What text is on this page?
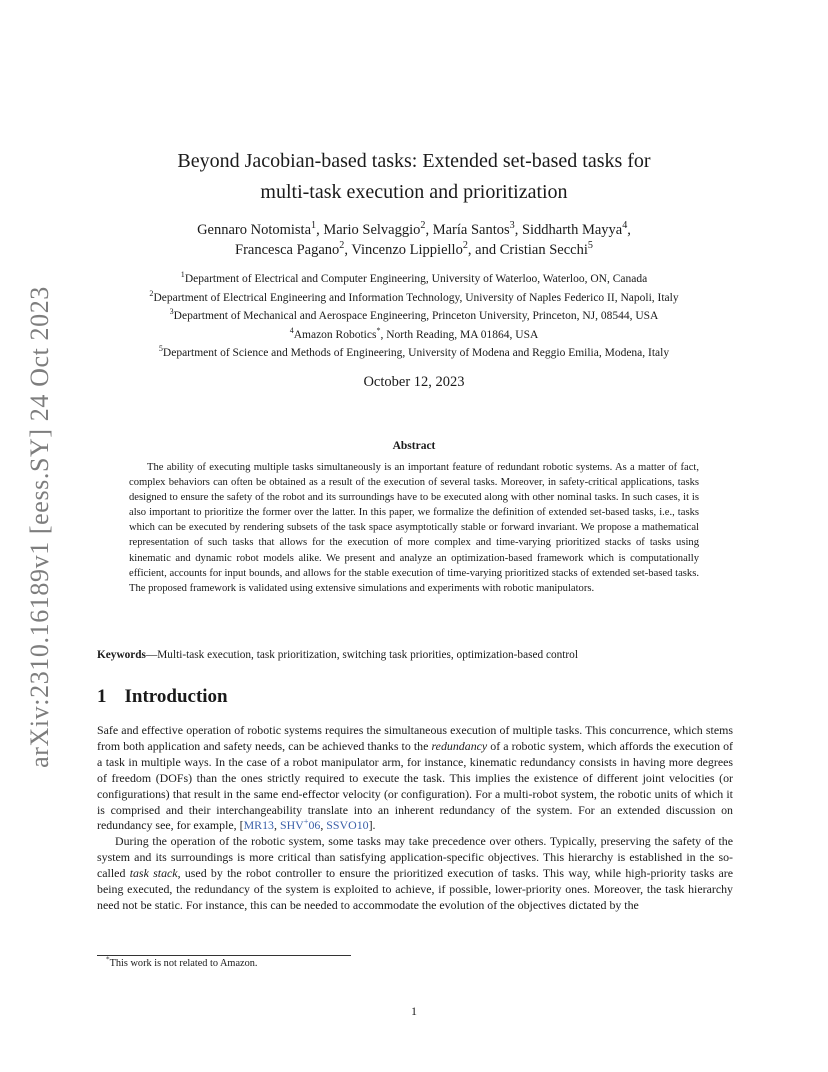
arXiv:2310.16189v1 [eess.SY] 24 Oct 2023
Beyond Jacobian-based tasks: Extended set-based tasks for
multi-task execution and prioritization
Gennaro Notomista$^1$, Mario Selvaggio$^2$, María Santos$^3$, Siddharth Mayya$^4$,
Francesca Pagano$^2$, Vincenzo Lippiello$^2$, and Cristian Secchi$^5$
$^1$Department of Electrical and Computer Engineering, University of Waterloo, Waterloo, ON, Canada
$^2$Department of Electrical Engineering and Information Technology, University of Naples Federico II, Napoli, Italy
$^3$Department of Mechanical and Aerospace Engineering, Princeton University, Princeton, NJ, 08544, USA
$^4$Amazon Robotics*, North Reading, MA 01864, USA
$^5$Department of Science and Methods of Engineering, University of Modena and Reggio Emilia, Modena, Italy
October 12, 2023
Abstract

The ability of executing multiple tasks simultaneously is an important feature of redundant robotic systems. As a matter of fact, complex behaviors can often be obtained as a result of the execution of several tasks. Moreover, in safety-critical applications, tasks designed to ensure the safety of the robot and its surroundings have to be executed along with other nominal tasks. In such cases, it is also important to prioritize the former over the latter. In this paper, we formalize the definition of extended set-based tasks, i.e., tasks which can be executed by rendering subsets of the task space asymptotically stable or forward invariant. We propose a mathematical representation of such tasks that allows for the execution of more complex and time-varying prioritized stacks of tasks using kinematic and dynamic robot models alike. We present and analyze an optimization-based framework which is computationally efficient, accounts for input bounds, and allows for the stable execution of time-varying prioritized stacks of extended set-based tasks. The proposed framework is validated using extensive simulations and experiments with robotic manipulators.

Keywords—Multi-task execution, task prioritization, switching task priorities, optimization-based control
1 Introduction

Safe and effective operation of robotic systems requires the simultaneous execution of multiple tasks. This concurrence, which stems from both application and safety needs, can be achieved thanks to the redundancy of a robotic system, which affords the execution of a task in multiple ways. In the case of a robot manipulator arm, for instance, kinematic redundancy consists in having more degrees of freedom (DOFs) than the ones strictly required to execute the task. This implies the existence of different joint velocities (or configurations) that result in the same end-effector velocity (or configuration). For a multi-robot system, the robotic units of which it is comprised and their interchangeability translate into an inherent redundancy of the system. For an extended discussion on redundancy see, for example, [MR13, SHV+06, SSVO10].

During the operation of the robotic system, some tasks may take precedence over others. Typically, preserving the safety of the system and its surroundings is more critical than satisfying application-specific objectives. This hierarchy is established in the so-called task stack, used by the robot controller to ensure the prioritized execution of tasks. This way, while high-priority tasks are being executed, the redundancy of the system is exploited to achieve, if possible, lower-priority ones. Moreover, the task hierarchy need not be static. For instance, this can be needed to accommodate the evolution of the objectives dictated by the

*This work is not related to Amazon.
1
